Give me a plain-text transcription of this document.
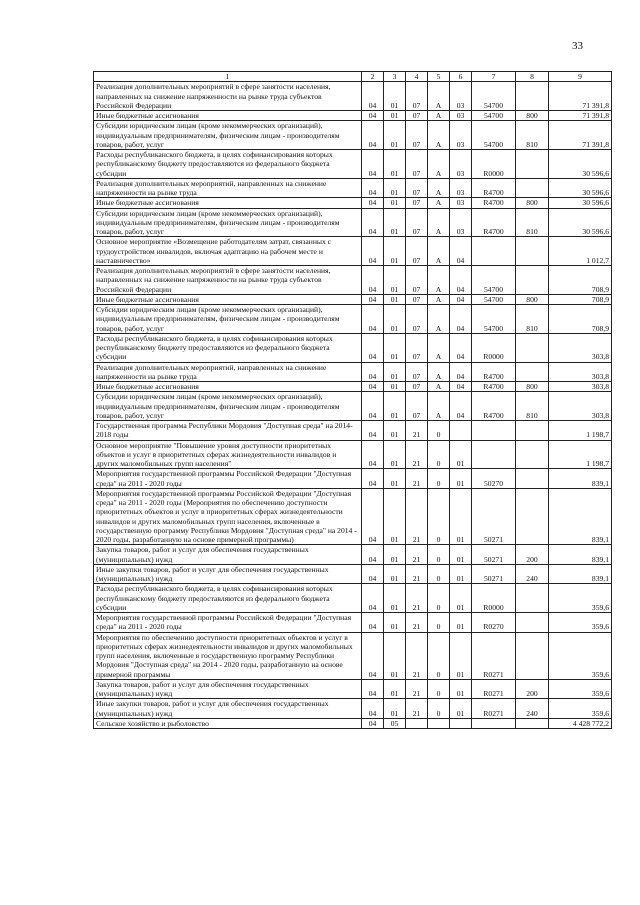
33
1	2	3	4	5	6	7	8	9
Реализация дополнительных мероприятий в сфере занятости населения, направленных на снижение напряженности на рынке труда субъектов Российской Федерации	04	01	07	А	03	54700		71 391,8
Иные бюджетные ассигнования	04	01	07	А	03	54700	800	71 391,8
Субсидии юридическим лицам (кроме некоммерческих организаций), индивидуальным предпринимателям, физическим лицам - производителям товаров, работ, услуг	04	01	07	А	03	54700	810	71 391,8
Расходы республиканского бюджета, в целях софинансирования которых республиканскому бюджету предоставляются из федерального бюджета субсидии	04	01	07	А	03	R0000		30 596,6
Реализация дополнительных мероприятий, направленных на снижение напряженности на рынке труда	04	01	07	А	03	R4700		30 596,6
Иные бюджетные ассигнования	04	01	07	А	03	R4700	800	30 596,6
Субсидии юридическим лицам (кроме некоммерческих организаций), индивидуальным предпринимателям, физическим лицам - производителям товаров, работ, услуг	04	01	07	А	03	R4700	810	30 596,6
Основное мероприятие «Возмещение работодателям затрат, связанных с трудоустройством инвалидов, включая адаптацию на рабочем месте и наставничество»	04	01	07	А	04			1 012,7
Реализация дополнительных мероприятий в сфере занятости населения, направленных на снижение напряженности на рынке труда субъектов Российской Федерации	04	01	07	А	04	54700		708,9
Иные бюджетные ассигнования	04	01	07	А	04	54700	800	708,9
Субсидии юридическим лицам (кроме некоммерческих организаций), индивидуальным предпринимателям, физическим лицам - производителям товаров, работ, услуг	04	01	07	А	04	54700	810	708,9
Расходы республиканского бюджета, в целях софинансирования которых республиканскому бюджету предоставляются из федерального бюджета субсидии	04	01	07	А	04	R0000		303,8
Реализация дополнительных мероприятий, направленных на снижение напряженности на рынке труда	04	01	07	А	04	R4700		303,8
Иные бюджетные ассигнования	04	01	07	А	04	R4700	800	303,8
Субсидии юридическим лицам (кроме некоммерческих организаций), индивидуальным предпринимателям, физическим лицам - производителям товаров, работ, услуг	04	01	07	А	04	R4700	810	303,8
Государственная программа Республики Мордовия "Доступная среда" на 2014-2018 годы	04	01	21	0				1 198,7
Основное мероприятие "Повышение уровня доступности приоритетных объектов и услуг в приоритетных сферах жизнедеятельности инвалидов и других маломобильных групп населения"	04	01	21	0	01			1 198,7
Мероприятия государственной программы Российской Федерации "Доступная среда" на 2011 - 2020 годы	04	01	21	0	01	50270		839,1
Мероприятия государственной программы Российской Федерации "Доступная среда" на 2011 - 2020 годы (Мероприятия по обеспечению доступности приоритетных объектов и услуг в приоритетных сферах жизнедеятельности инвалидов и других маломобильных групп населения, включенные в государственную программу Республики Мордовия "Доступная среда" на 2014 - 2020 годы, разработанную на основе примерной программы)	04	01	21	0	01	50271		839,1
Закупка товаров, работ и услуг для обеспечения государственных (муниципальных) нужд	04	01	21	0	01	50271	200	839,1
Иные закупки товаров, работ и услуг для обеспечения государственных (муниципальных) нужд	04	01	21	0	01	50271	240	839,1
Расходы республиканского бюджета, в целях софинансирования которых республиканскому бюджету предоставляются из федерального бюджета субсидии	04	01	21	0	01	R0000		359,6
Мероприятия государственной программы Российской Федерации "Доступная среда" на 2011 - 2020 годы	04	01	21	0	01	R0270		359,6
Мероприятия по обеспечению доступности приоритетных объектов и услуг в приоритетных сферах жизнедеятельности инвалидов и других маломобильных групп населения, включенные в государственную программу Республики Мордовия "Доступная среда" на 2014 - 2020 годы, разработанную на основе примерной программы	04	01	21	0	01	R0271		359,6
Закупка товаров, работ и услуг для обеспечения государственных (муниципальных) нужд	04	01	21	0	01	R0271	200	359,6
Иные закупки товаров, работ и услуг для обеспечения государственных (муниципальных) нужд	04	01	21	0	01	R0271	240	359,6
Сельское хозяйство и рыболовство	04	05						4 428 772,2
